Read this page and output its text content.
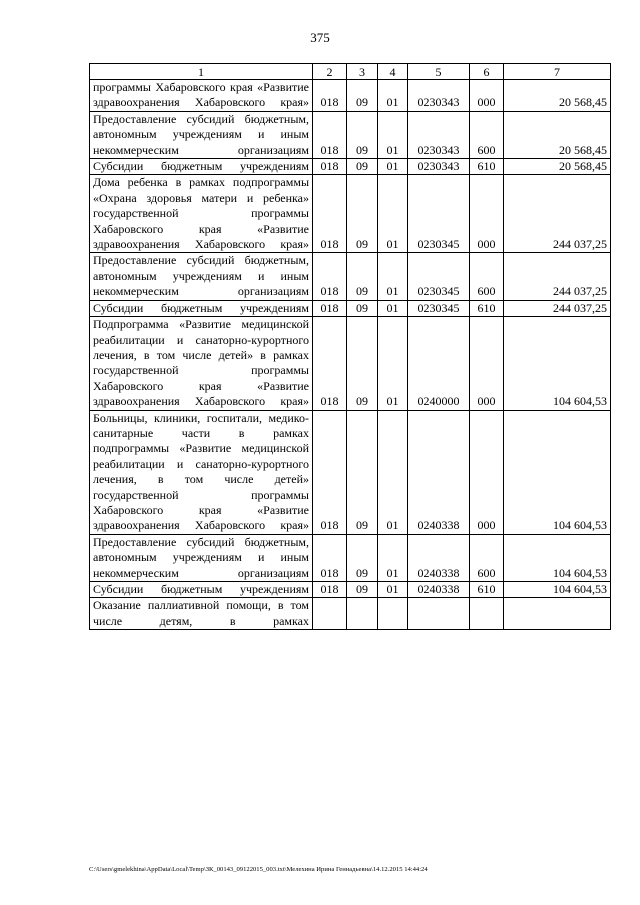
375
1	2	3	4	5	6	7
программы Хабаровского края «Развитие здравоохранения Хабаровского края»	018	09	01	0230343	000	20 568,45
Предоставление субсидий бюджетным, автономным учреждениям и иным некоммерческим организациям	018	09	01	0230343	600	20 568,45
Субсидии бюджетным учреждениям	018	09	01	0230343	610	20 568,45
Дома ребенка в рамках подпрограммы «Охрана здоровья матери и ребенка» государственной программы Хабаровского края «Развитие здравоохранения Хабаровского края»	018	09	01	0230345	000	244 037,25
Предоставление субсидий бюджетным, автономным учреждениям и иным некоммерческим организациям	018	09	01	0230345	600	244 037,25
Субсидии бюджетным учреждениям	018	09	01	0230345	610	244 037,25
Подпрограмма «Развитие медицинской реабилитации и санаторно-курортного лечения, в том числе детей» в рамках государственной программы Хабаровского края «Развитие здравоохранения Хабаровского края»	018	09	01	0240000	000	104 604,53
Больницы, клиники, госпитали, медико-санитарные части в рамках подпрограммы «Развитие медицинской реабилитации и санаторно-курортного лечения, в том числе детей» государственной программы Хабаровского края «Развитие здравоохранения Хабаровского края»	018	09	01	0240338	000	104 604,53
Предоставление субсидий бюджетным, автономным учреждениям и иным некоммерческим организациям	018	09	01	0240338	600	104 604,53
Субсидии бюджетным учреждениям	018	09	01	0240338	610	104 604,53
Оказание паллиативной помощи, в том числе детям, в рамках						
C:\Users\gmelekhina\AppData\Local\Temp\ЗК_00143_09122015_003.txt\Мелехина Ирина Геннадьевна\14.12.2015 14:44:24
